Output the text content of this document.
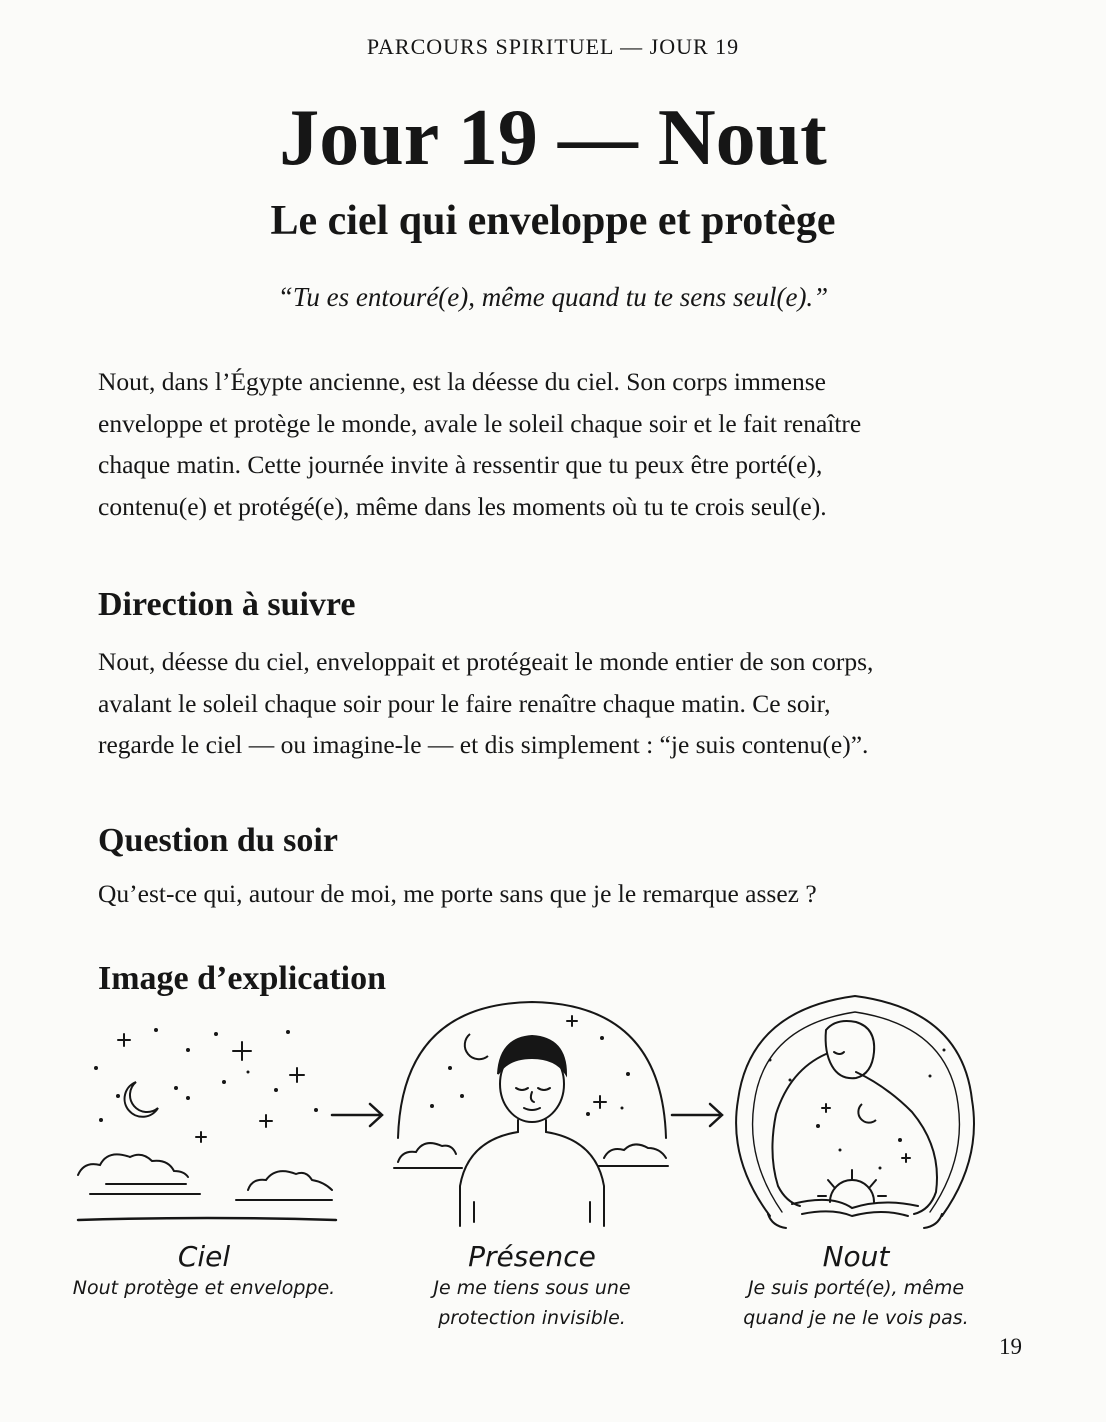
PARCOURS SPIRITUEL — JOUR 19
Jour 19 — Nout
Le ciel qui enveloppe et protège
“Tu es entouré(e), même quand tu te sens seul(e).”

Nout, dans l’Égypte ancienne, est la déesse du ciel. Son corps immense
enveloppe et protège le monde, avale le soleil chaque soir et le fait renaître
chaque matin. Cette journée invite à ressentir que tu peux être porté(e),
contenu(e) et protégé(e), même dans les moments où tu te crois seul(e).

Direction à suivre

Nout, déesse du ciel, enveloppait et protégeait le monde entier de son corps,
avalant le soleil chaque soir pour le faire renaître chaque matin. Ce soir,
regarde le ciel — ou imagine-le — et dis simplement : “je suis contenu(e)”.

Question du soir

Qu’est-ce qui, autour de moi, me porte sans que je le remarque assez ?

Image d’explication
Ciel
Nout protège et enveloppe.
Présence
Je me tiens sous une
protection invisible.
Nout
Je suis porté(e), même
quand je ne le vois pas.
19
